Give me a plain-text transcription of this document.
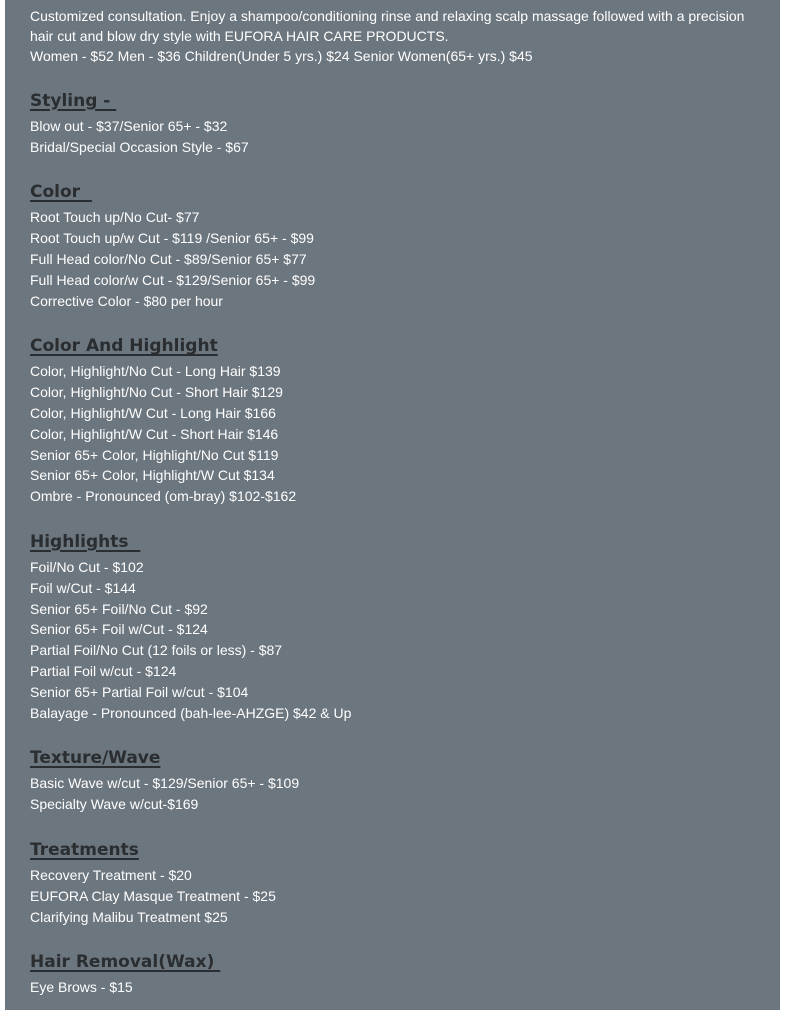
Customized consultation. Enjoy a shampoo/conditioning rinse and relaxing scalp massage followed with a precision hair cut and blow dry style with EUFORA HAIR CARE PRODUCTS.

Women - $52 Men - $36 Children(Under 5 yrs.) $24 Senior Women(65+ yrs.) $45

Styling -

Blow out - $37/Senior 65+ - $32

Bridal/Special Occasion Style - $67

Color

Root Touch up/No Cut- $77

Root Touch up/w Cut - $119 /Senior 65+ - $99

Full Head color/No Cut - $89/Senior 65+ $77

Full Head color/w Cut - $129/Senior 65+ - $99

Corrective Color - $80 per hour

Color And Highlight

Color, Highlight/No Cut - Long Hair $139

Color, Highlight/No Cut - Short Hair $129

Color, Highlight/W Cut - Long Hair $166

Color, Highlight/W Cut - Short Hair $146

Senior 65+ Color, Highlight/No Cut $119

Senior 65+ Color, Highlight/W Cut $134

Ombre - Pronounced (om-bray) $102-$162

Highlights

Foil/No Cut - $102

Foil w/Cut - $144

Senior 65+ Foil/No Cut - $92

Senior 65+ Foil w/Cut - $124

Partial Foil/No Cut (12 foils or less) - $87

Partial Foil w/cut - $124

Senior 65+ Partial Foil w/cut - $104

Balayage - Pronounced (bah-lee-AHZGE) $42 & Up

Texture/Wave

Basic Wave w/cut - $129/Senior 65+ - $109

Specialty Wave w/cut-$169

Treatments

Recovery Treatment - $20

EUFORA Clay Masque Treatment - $25

Clarifying Malibu Treatment $25

Hair Removal(Wax)

Eye Brows - $15
